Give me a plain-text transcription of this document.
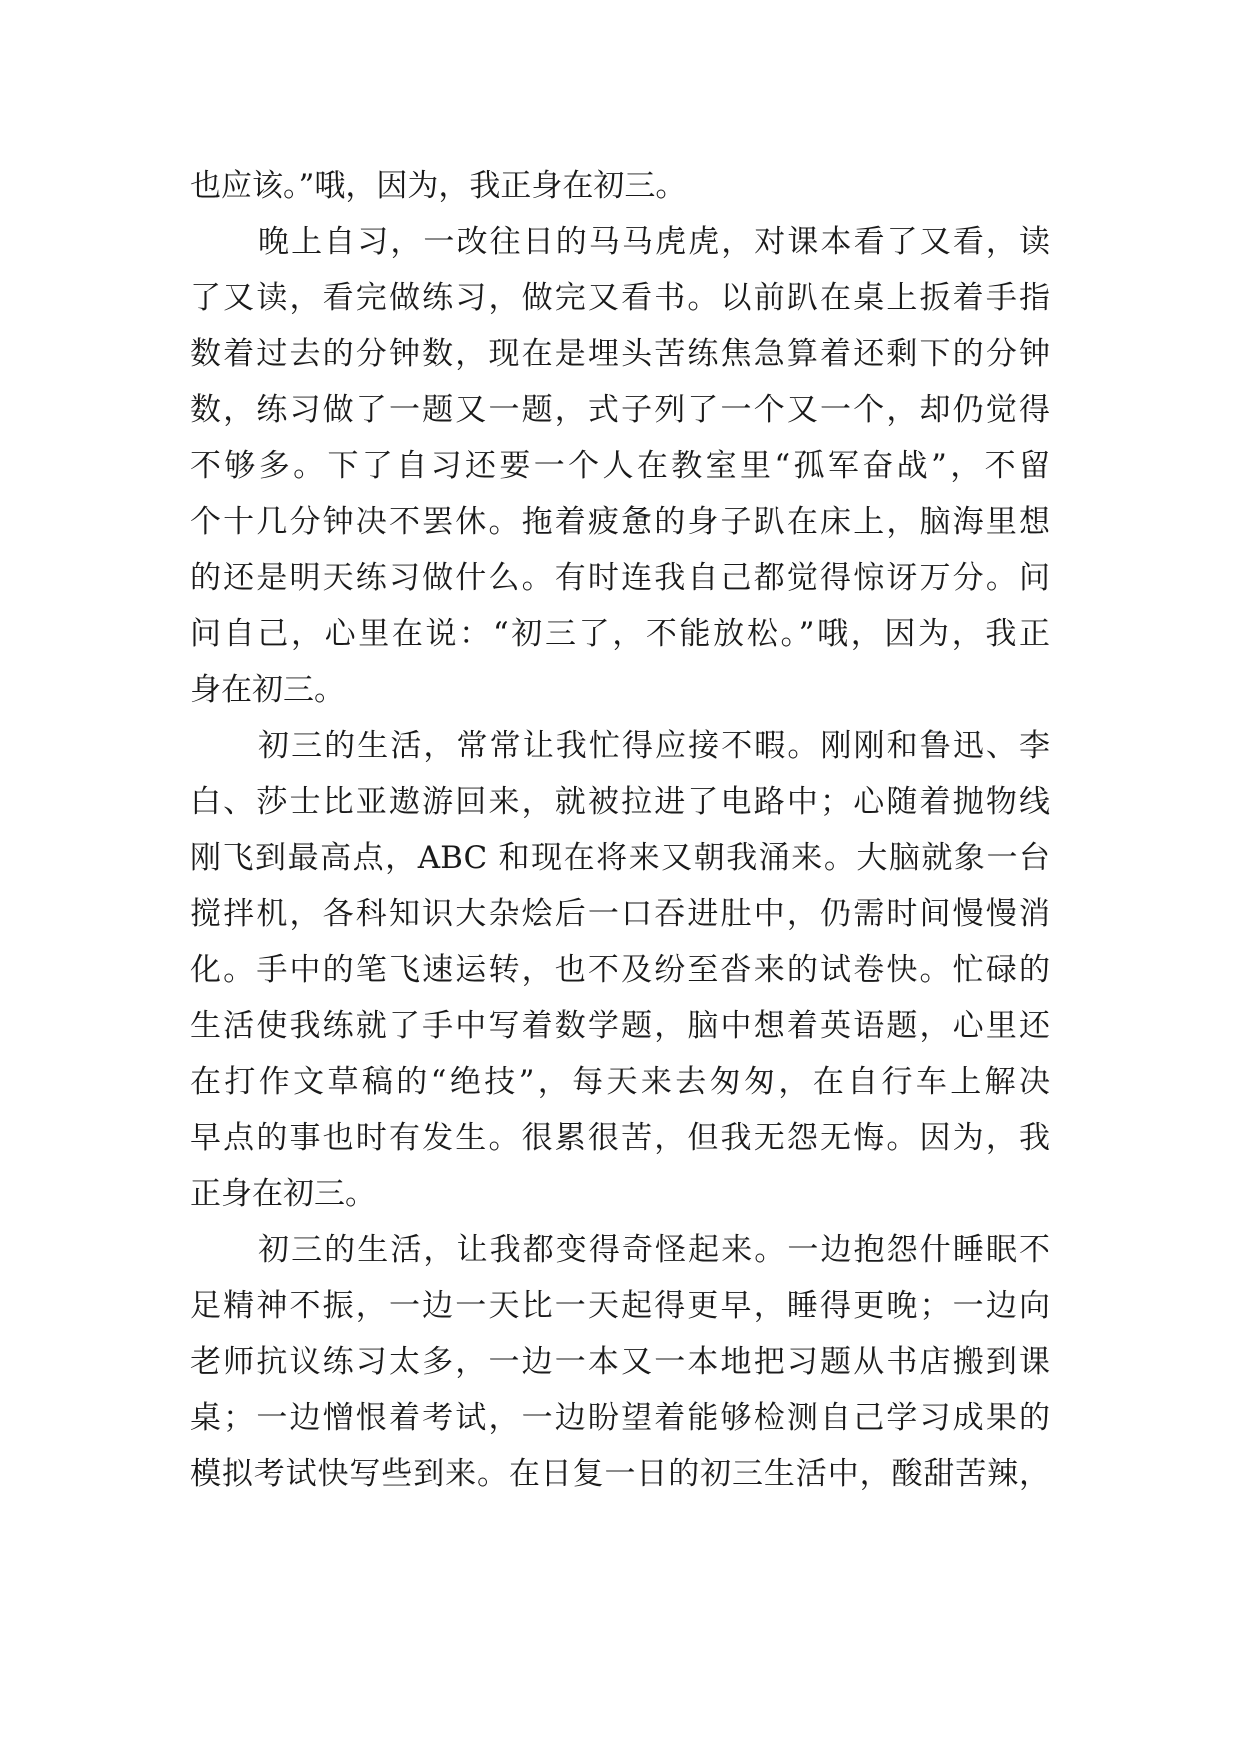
也应该。”哦，因为，我正身在初三。
晚上自习，一改往日的马马虎虎，对课本看了又看，读
了又读，看完做练习，做完又看书。以前趴在桌上扳着手指
数着过去的分钟数，现在是埋头苦练焦急算着还剩下的分钟
数，练习做了一题又一题，式子列了一个又一个，却仍觉得
不够多。下了自习还要一个人在教室里“孤军奋战”，不留
个十几分钟决不罢休。拖着疲惫的身子趴在床上，脑海里想
的还是明天练习做什么。有时连我自己都觉得惊讶万分。问
问自己，心里在说：“初三了，不能放松。”哦，因为，我正
身在初三。
初三的生活，常常让我忙得应接不暇。刚刚和鲁迅、李
白、莎士比亚遨游回来，就被拉进了电路中；心随着抛物线
刚飞到最高点，ABC 和现在将来又朝我涌来。大脑就象一台
搅拌机，各科知识大杂烩后一口吞进肚中，仍需时间慢慢消
化。手中的笔飞速运转，也不及纷至沓来的试卷快。忙碌的
生活使我练就了手中写着数学题，脑中想着英语题，心里还
在打作文草稿的“绝技”，每天来去匆匆，在自行车上解决
早点的事也时有发生。很累很苦，但我无怨无悔。因为，我
正身在初三。
初三的生活，让我都变得奇怪起来。一边抱怨什睡眠不
足精神不振，一边一天比一天起得更早，睡得更晚；一边向
老师抗议练习太多，一边一本又一本地把习题从书店搬到课
桌；一边憎恨着考试，一边盼望着能够检测自己学习成果的
模拟考试快写些到来。在日复一日的初三生活中，酸甜苦辣，
